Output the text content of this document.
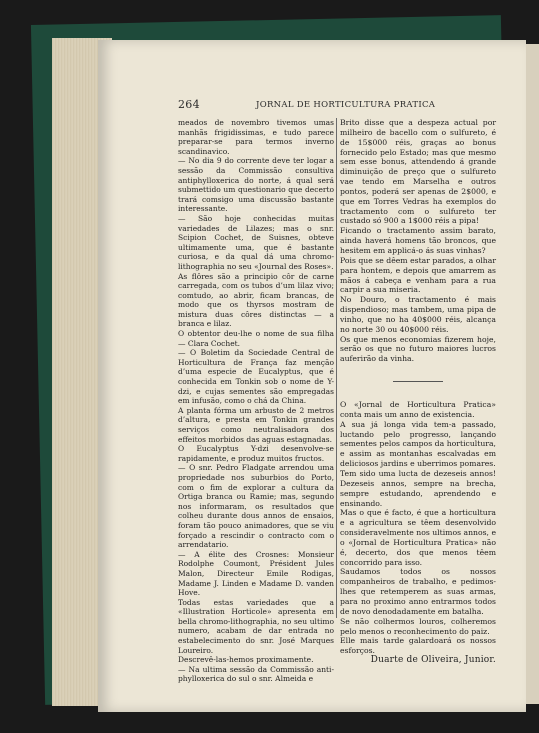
264	JORNAL DE HORTICULTURA PRATICA

meados de novembro tivemos umas manhãs frigidissimas, e tudo parece preparar-se para termos inverno scandinavico.

— No dia 9 do corrente deve ter logar a sessão da Commissão consultiva antiphylloxerica do norte, á qual será submettido um questionario que decerto trará comsigo uma discussão bastante interessante.

— São hoje conhecidas muitas variedades de Lilazes; mas o snr. Scipion Cochet, de Suisnes, obteve ultimamente uma, que é bastante curiosa, e da qual dá uma chromo-lithographia no seu «Journal des Roses».

As flôres são a principio côr de carne carregada, com os tubos d’um lilaz vivo; comtudo, ao abrir, ficam brancas, de modo que os thyrsos mostram de mistura duas côres distinctas — a branca e lilaz.

O obtentor deu-lhe o nome de sua filha — Clara Cochet.

— O Boletim da Sociedade Central de Horticultura de França faz menção d’uma especie de Eucalyptus, que é conhecida em Tonkin sob o nome de Y-dzi, e cujas sementes são empregadas em infusão, como o chá da China.

A planta fórma um arbusto de 2 metros d’altura, e presta em Tonkin grandes serviços como neutralisadora dos effeitos morbidos das aguas estagnadas.

O Eucalyptus Y-dzi desenvolve-se rapidamente, e produz muitos fructos.

— O snr. Pedro Fladgate arrendou uma propriedade nos suburbios do Porto, com o fim de explorar a cultura da Ortiga branca ou Ramie; mas, segundo nos informaram, os resultados que colheu durante dous annos de ensaios, foram tão pouco animadores, que se viu forçado a rescindir o contracto com o arrendatario.

— A élite des Crosnes: Monsieur Rodolphe Coumont, Président Jules Malon, Directeur Emile Rodigas, Madame J. Linden e Madame D. vanden Hove.

Todas estas variedades que a «Illustration Horticole» apresenta em bella chromo-lithographia, no seu ultimo numero, acabam de dar entrada no estabelecimento do snr. José Marques Loureiro.

Descrevê-las-hemos proximamente.

— Na ultima sessão da Commissão anti-phylloxerica do sul o snr. Almeida e

Brito disse que a despeza actual por milheiro de bacello com o sulfureto, é de 15$000 réis, graças ao bonus fornecido pelo Estado; mas que mesmo sem esse bonus, attendendo á grande diminuição de preço que o sulfureto vae tendo em Marselha e outros pontos, poderá ser apenas de 2$000, e que em Torres Vedras ha exemplos do tractamento com o sulfureto ter custado só 900 a 1$000 réis a pipa!

Ficando o tractamento assim barato, ainda haverá homens tão broncos, que hesitem em applicá-o ás suas vinhas?

Pois que se dêem estar parados, a olhar para hontem, e depois que amarrem as mãos á cabeça e venham para a rua carpir a sua miseria.

No Douro, o tractamento é mais dispendioso; mas tambem, uma pipa de vinho, que no ha 40$000 réis, alcança no norte 30 ou 40$000 réis.

Os que menos economias fizerem hoje, serão os que no futuro maiores lucros auferirão da vinha.

O «Jornal de Horticultura Pratica» conta mais um anno de existencia.

A sua já longa vida tem-a passado, luctando pelo progresso, lançando sementes pelos campos da horticultura, e assim as montanhas escalvadas em deliciosos jardins e uberrimos pomares.

Tem sido uma lucta de dezeseis annos! Dezeseis annos, sempre na brecha, sempre estudando, aprendendo e ensinando.

Mas o que é facto, é que a horticultura e a agricultura se têem desenvolvido consideravelmente nos ultimos annos, e o «Jornal de Horticultura Pratica» não é, decerto, dos que menos têem concorrido para isso.

Saudamos todos os nossos companheiros de trabalho, e pedimos-lhes que retemperem as suas armas, para no proximo anno entrarmos todos de novo denodadamente em batalha.

Se não colhermos louros, colheremos pelo menos o reconhecimento do paiz.

Elle mais tarde galardoará os nossos esforços.

Duarte de Oliveira, Junior.
